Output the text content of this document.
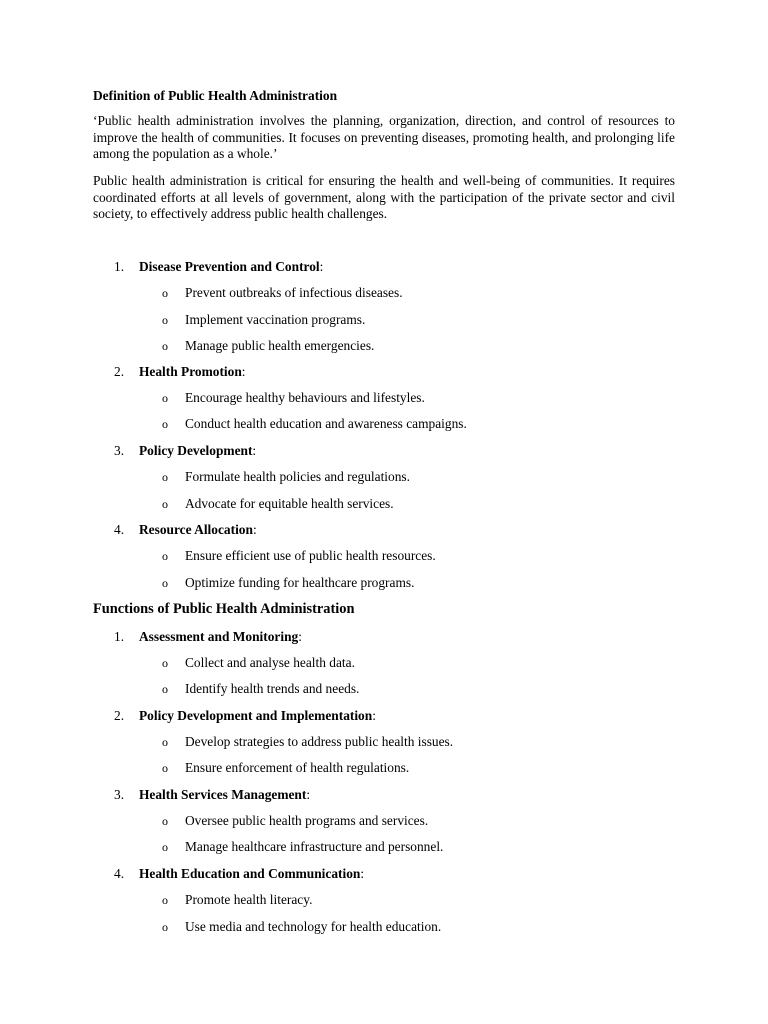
Definition of Public Health Administration
‘Public health administration involves the planning, organization, direction, and control of resources to improve the health of communities. It focuses on preventing diseases, promoting health, and prolonging life among the population as a whole.’
Public health administration is critical for ensuring the health and well-being of communities. It requires coordinated efforts at all levels of government, along with the participation of the private sector and civil society, to effectively address public health challenges.
1. Disease Prevention and Control:
o Prevent outbreaks of infectious diseases.
o Implement vaccination programs.
o Manage public health emergencies.
2. Health Promotion:
o Encourage healthy behaviours and lifestyles.
o Conduct health education and awareness campaigns.
3. Policy Development:
o Formulate health policies and regulations.
o Advocate for equitable health services.
4. Resource Allocation:
o Ensure efficient use of public health resources.
o Optimize funding for healthcare programs.
Functions of Public Health Administration
1. Assessment and Monitoring:
o Collect and analyse health data.
o Identify health trends and needs.
2. Policy Development and Implementation:
o Develop strategies to address public health issues.
o Ensure enforcement of health regulations.
3. Health Services Management:
o Oversee public health programs and services.
o Manage healthcare infrastructure and personnel.
4. Health Education and Communication:
o Promote health literacy.
o Use media and technology for health education.
